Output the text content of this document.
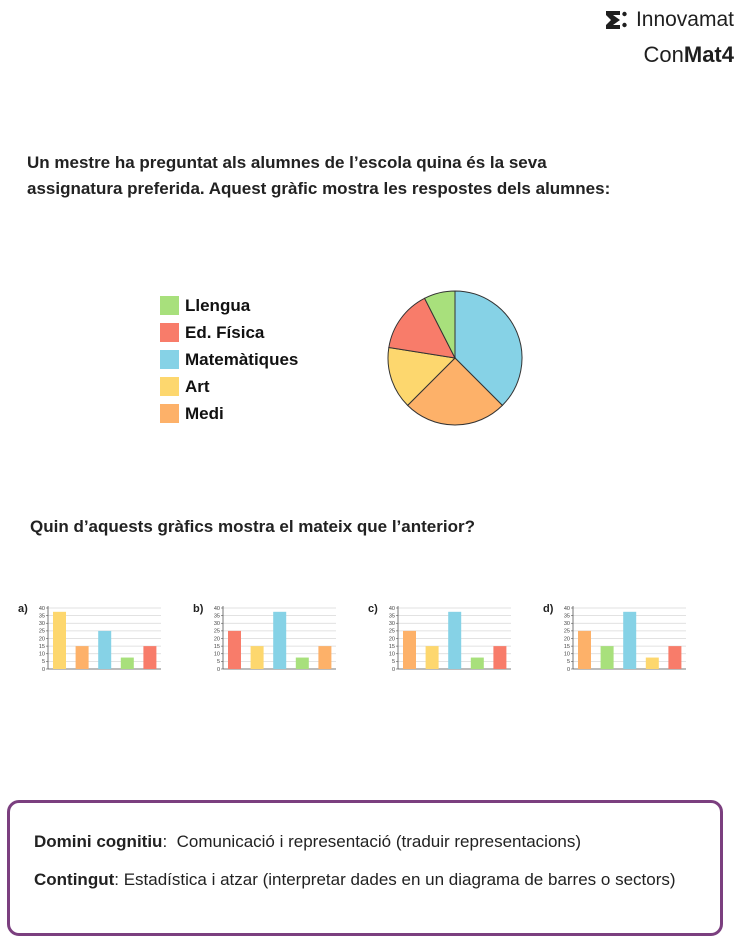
Innovamat
ConMat4
Un mestre ha preguntat als alumnes de l’escola quina és la seva assignatura preferida. Aquest gràfic mostra les respostes dels alumnes:
Llengua
Ed. Física
Matemàtiques
Art
Medi
Quin d’aquests gràfics mostra el mateix que l’anterior?
a)
0
5
10
15
20
25
30
35
40	b)
0
5
10
15
20
25
30
35
40	c)
0
5
10
15
20
25
30
35
40	d)
0
5
10
15
20
25
30
35
40
Domini cognitiu:  Comunicació i representació (traduir representacions)
Contingut: Estadística i atzar (interpretar dades en un diagrama de barres o sectors)
